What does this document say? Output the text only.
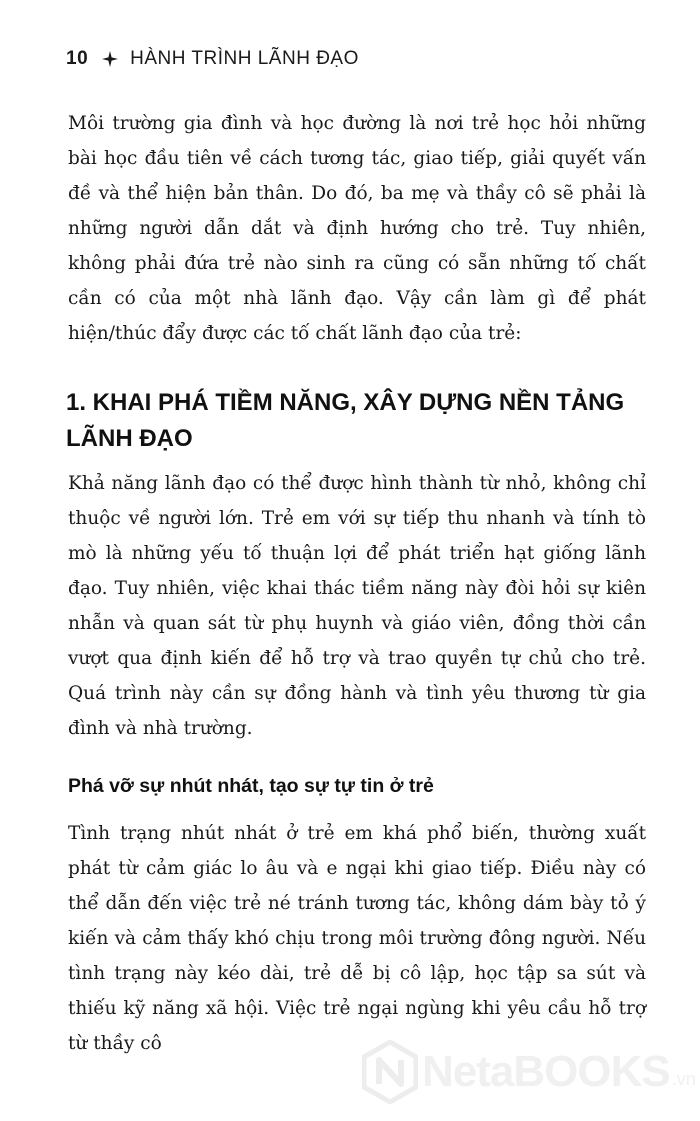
10 HÀNH TRÌNH LÃNH ĐẠO

Môi trường gia đình và học đường là nơi trẻ học hỏi những bài học đầu tiên về cách tương tác, giao tiếp, giải quyết vấn đề và thể hiện bản thân. Do đó, ba mẹ và thầy cô sẽ phải là những người dẫn dắt và định hướng cho trẻ. Tuy nhiên, không phải đứa trẻ nào sinh ra cũng có sẵn những tố chất cần có của một nhà lãnh đạo. Vậy cần làm gì để phát hiện/thúc đẩy được các tố chất lãnh đạo của trẻ:

1. KHAI PHÁ TIỀM NĂNG, XÂY DỰNG NỀN TẢNG LÃNH ĐẠO

Khả năng lãnh đạo có thể được hình thành từ nhỏ, không chỉ thuộc về người lớn. Trẻ em với sự tiếp thu nhanh và tính tò mò là những yếu tố thuận lợi để phát triển hạt giống lãnh đạo. Tuy nhiên, việc khai thác tiềm năng này đòi hỏi sự kiên nhẫn và quan sát từ phụ huynh và giáo viên, đồng thời cần vượt qua định kiến để hỗ trợ và trao quyền tự chủ cho trẻ. Quá trình này cần sự đồng hành và tình yêu thương từ gia đình và nhà trường.

Phá vỡ sự nhút nhát, tạo sự tự tin ở trẻ

Tình trạng nhút nhát ở trẻ em khá phổ biến, thường xuất phát từ cảm giác lo âu và e ngại khi giao tiếp. Điều này có thể dẫn đến việc trẻ né tránh tương tác, không dám bày tỏ ý kiến và cảm thấy khó chịu trong môi trường đông người. Nếu tình trạng này kéo dài, trẻ dễ bị cô lập, học tập sa sút và thiếu kỹ năng xã hội. Việc trẻ ngại ngùng khi yêu cầu hỗ trợ từ thầy cô

NetaBOOKS .vn
